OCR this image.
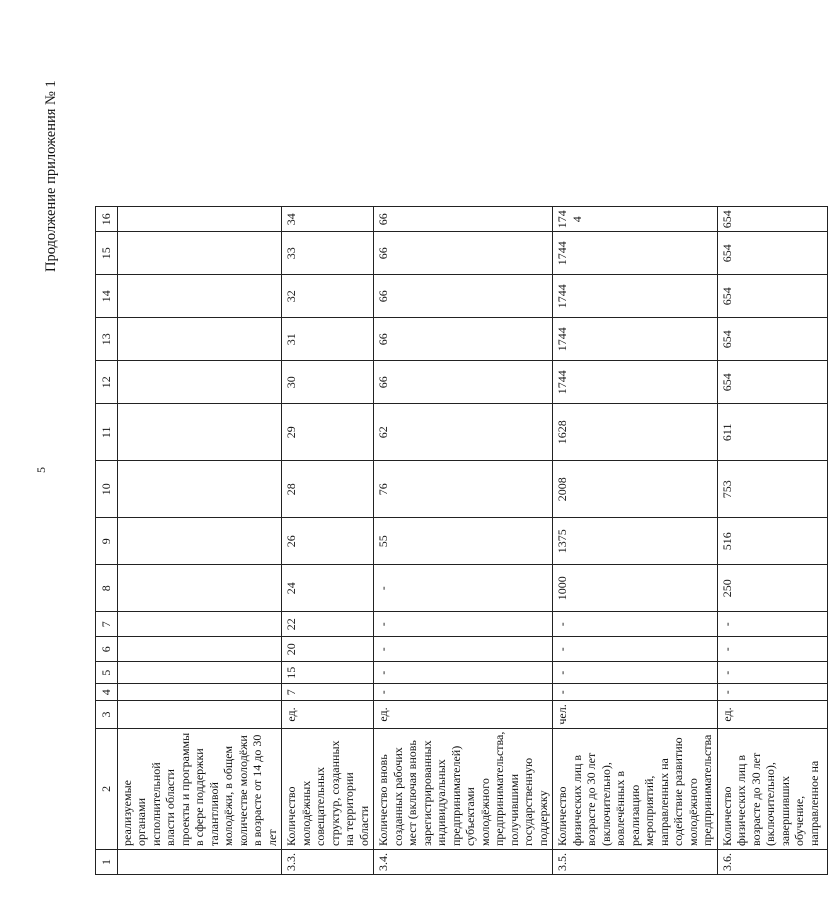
5
Продолжение приложения № 1
1	2	3	4	5	6	7	8	9	10	11	12	13	14	15	16
	реализуемые органами исполнительной власти области проекты и программы в сфере поддержки талантливой молодёжи, в общем количестве молодёжи в возрасте от 14 до 30 лет														
3.3.	Количество молодёжных совещательных структур, созданных на территории области	ед.	7	15	20	22	24	26	28	29	30	31	32	33	34
3.4.	Количество вновь созданных рабочих мест (включая вновь зарегистрированных индивидуальных предпринимателей) субъектами молодёжного предпринимательства, получившими государственную поддержку	ед.	-	-	-	-	-	55	76	62	66	66	66	66	66
3.5.	Количество физических лиц в возрасте до 30 лет (включительно), вовлечённых в реализацию мероприятий, направленных на содействие развитию молодёжного предпринимательства	чел.	-	-	-	-	1000	1375	2008	1628	1744	1744	1744	1744	174 4
3.6.	Количество физических лиц в возрасте до 30 лет (включительно), завершивших обучение, направленное на	ед.	-	-	-	-	250	516	753	611	654	654	654	654	654
